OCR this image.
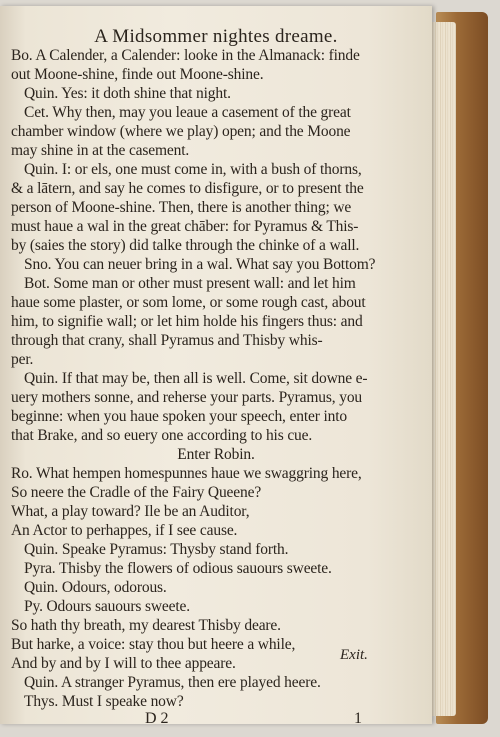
A Midsommer nightes dreame.
Bo. A Calender, a Calender: looke in the Almanack: finde
out Moone-shine, finde out Moone-shine.
Quin. Yes: it doth shine that night.
Cet. Why then, may you leaue a casement of the great
chamber window (where we play) open; and the Moone
may shine in at the casement.
Quin. I: or els, one must come in, with a bush of thorns,
& a lātern, and say he comes to disfigure, or to present the
person of Moone-shine. Then, there is another thing; we
must haue a wal in the great chāber: for Pyramus & This-
by (saies the story) did talke through the chinke of a wall.
Sno. You can neuer bring in a wal. What say you Bottom?
Bot. Some man or other must present wall: and let him
haue some plaster, or som lome, or some rough cast, about
him, to signifie wall; or let him holde his fingers thus: and
through that crany, shall Pyramus and Thisby whis-
per.
Quin. If that may be, then all is well. Come, sit downe e-
uery mothers sonne, and reherse your parts. Pyramus, you
beginne: when you haue spoken your speech, enter into
that Brake, and so euery one according to his cue.
Enter Robin.
Ro. What hempen homespunnes haue we swaggring here,
So neere the Cradle of the Fairy Queene?
What, a play toward? Ile be an Auditor,
An Actor to perhappes, if I see cause.
Quin. Speake Pyramus: Thysby stand forth.
Pyra. Thisby the flowers of odious sauours sweete.
Quin. Odours, odorous.
Py. Odours sauours sweete.
So hath thy breath, my dearest Thisby deare.
But harke, a voice: stay thou but heere a while,
And by and by I will to thee appeare.
Quin. A stranger Pyramus, then ere played heere.
Thys. Must I speake now?
Exit.
D 2	1
